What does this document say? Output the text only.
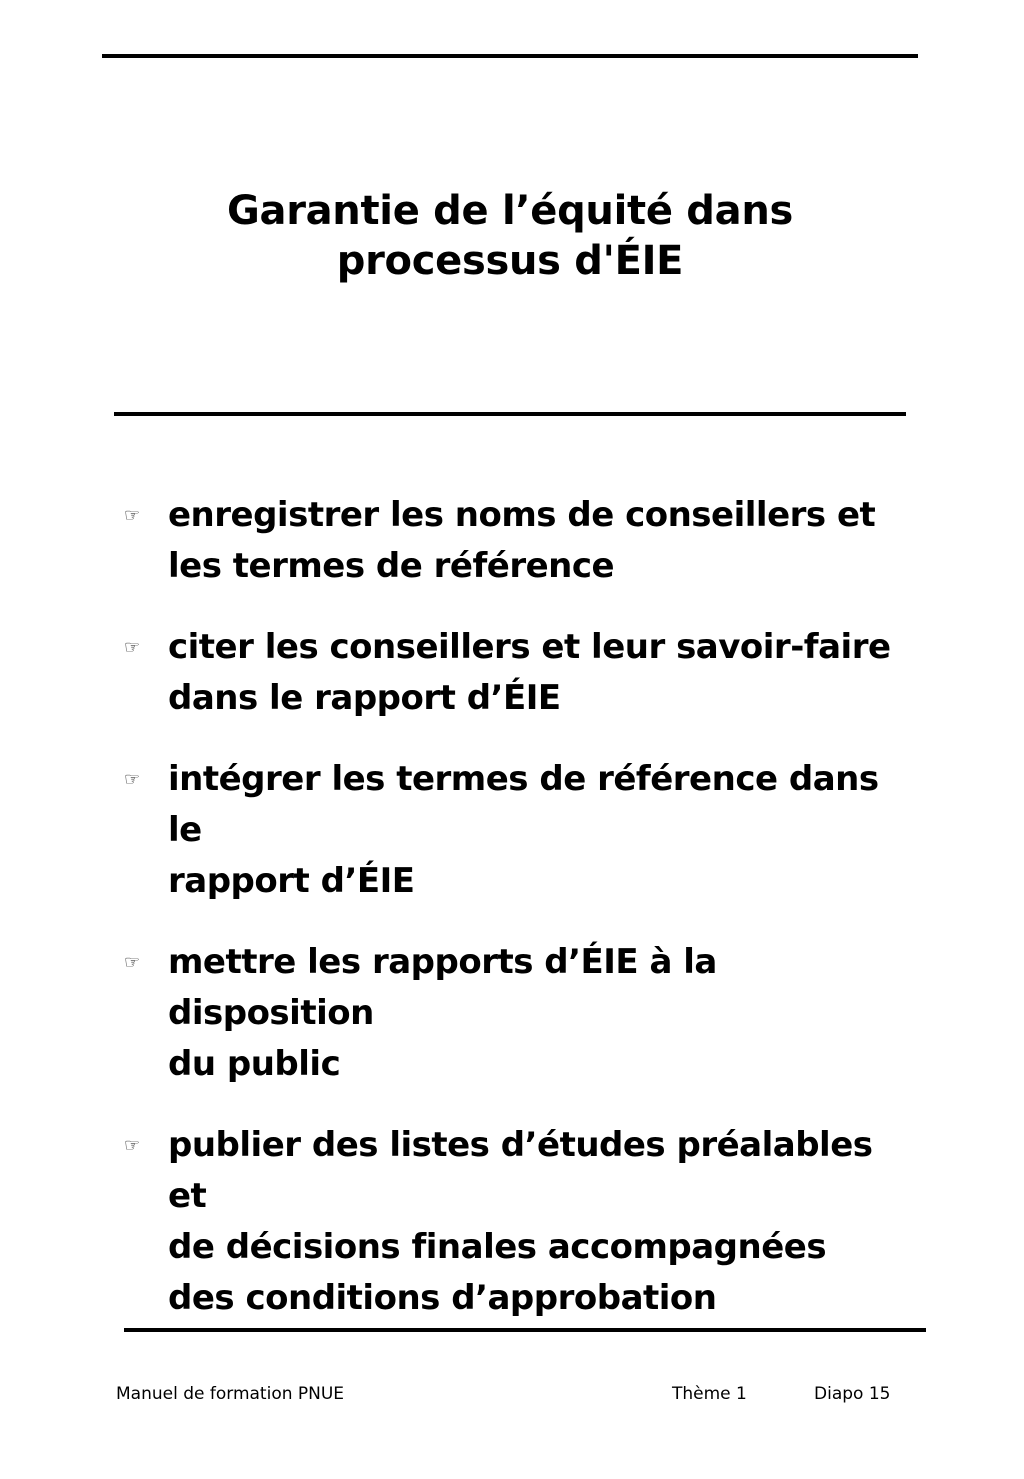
Garantie de l’équité dans
processus d'ÉIE
☞ enregistrer les noms de conseillers et
les termes de référence
☞ citer les conseillers et leur savoir-faire
dans le rapport d’ÉIE
☞ intégrer les termes de référence dans le
rapport d’ÉIE
☞ mettre les rapports d’ÉIE à la disposition
du public
☞ publier des listes d’études préalables et
de décisions finales accompagnées
des conditions d’approbation
Manuel de formation PNUE	Thème 1	Diapo 15
